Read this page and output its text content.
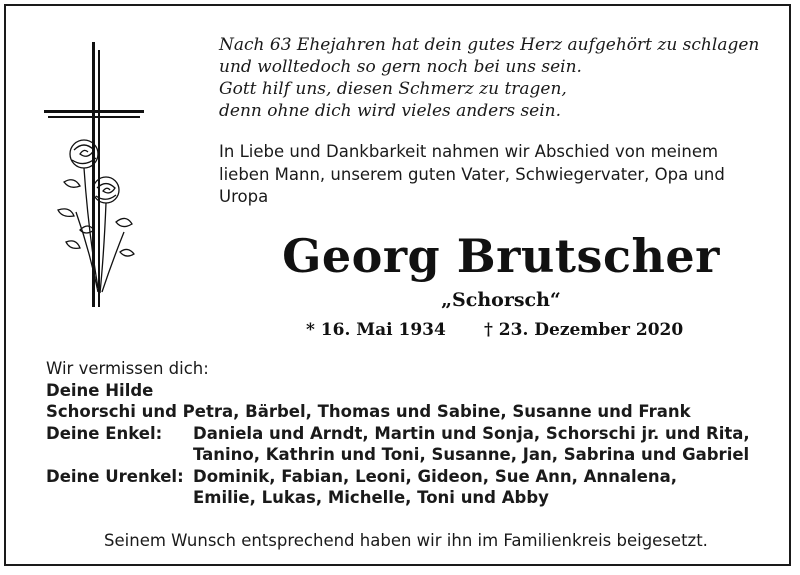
Nach 63 Ehejahren hat dein gutes Herz aufgehört zu schlagen
und wolltedoch so gern noch bei uns sein.
Gott hilf uns, diesen Schmerz zu tragen,
denn ohne dich wird vieles anders sein.
In Liebe und Dankbarkeit nahmen wir Abschied von meinem
lieben Mann, unserem guten Vater, Schwiegervater, Opa und
Uropa
Georg Brutscher
„Schorsch“
* 16. Mai 1934 † 23. Dezember 2020
Wir vermissen dich:
Deine Hilde
Schorschi und Petra, Bärbel, Thomas und Sabine, Susanne und Frank
Deine Enkel: Daniela und Arndt, Martin und Sonja, Schorschi jr. und Rita,
Tanino, Kathrin und Toni, Susanne, Jan, Sabrina und Gabriel
Deine Urenkel: Dominik, Fabian, Leoni, Gideon, Sue Ann, Annalena,
Emilie, Lukas, Michelle, Toni und Abby
Seinem Wunsch entsprechend haben wir ihn im Familienkreis beigesetzt.
